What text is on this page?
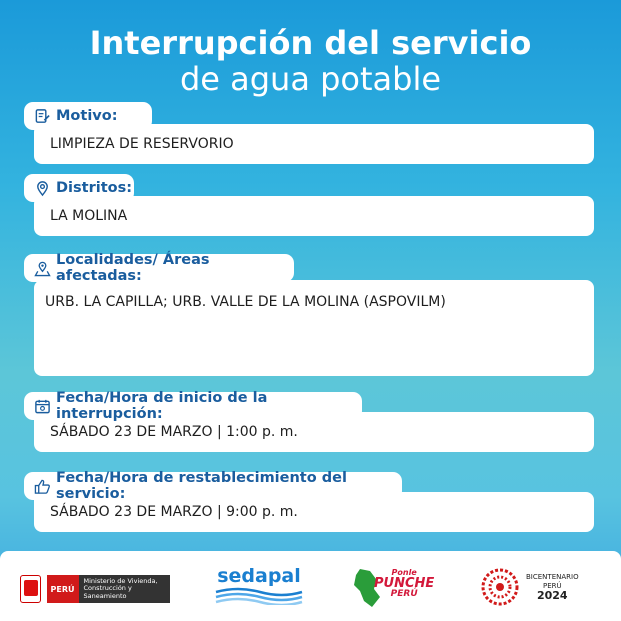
Interrupción del servicio
de agua potable
LIMPIEZA DE RESERVORIO
Motivo:
LA MOLINA
Distritos:
URB. LA CAPILLA; URB. VALLE DE LA MOLINA (ASPOVILM)
Localidades/ Áreas afectadas:
SÁBADO 23 DE MARZO | 1:00 p. m.
Fecha/Hora de inicio de la interrupción:
SÁBADO 23 DE MARZO | 9:00 p. m.
Fecha/Hora de restablecimiento del servicio:
PERÚ
Ministerio de Vivienda, Construcción y Saneamiento
sedapal	Ponle
PUNCHE
PERÚ
BICENTENARIO
PERÚ
2024
